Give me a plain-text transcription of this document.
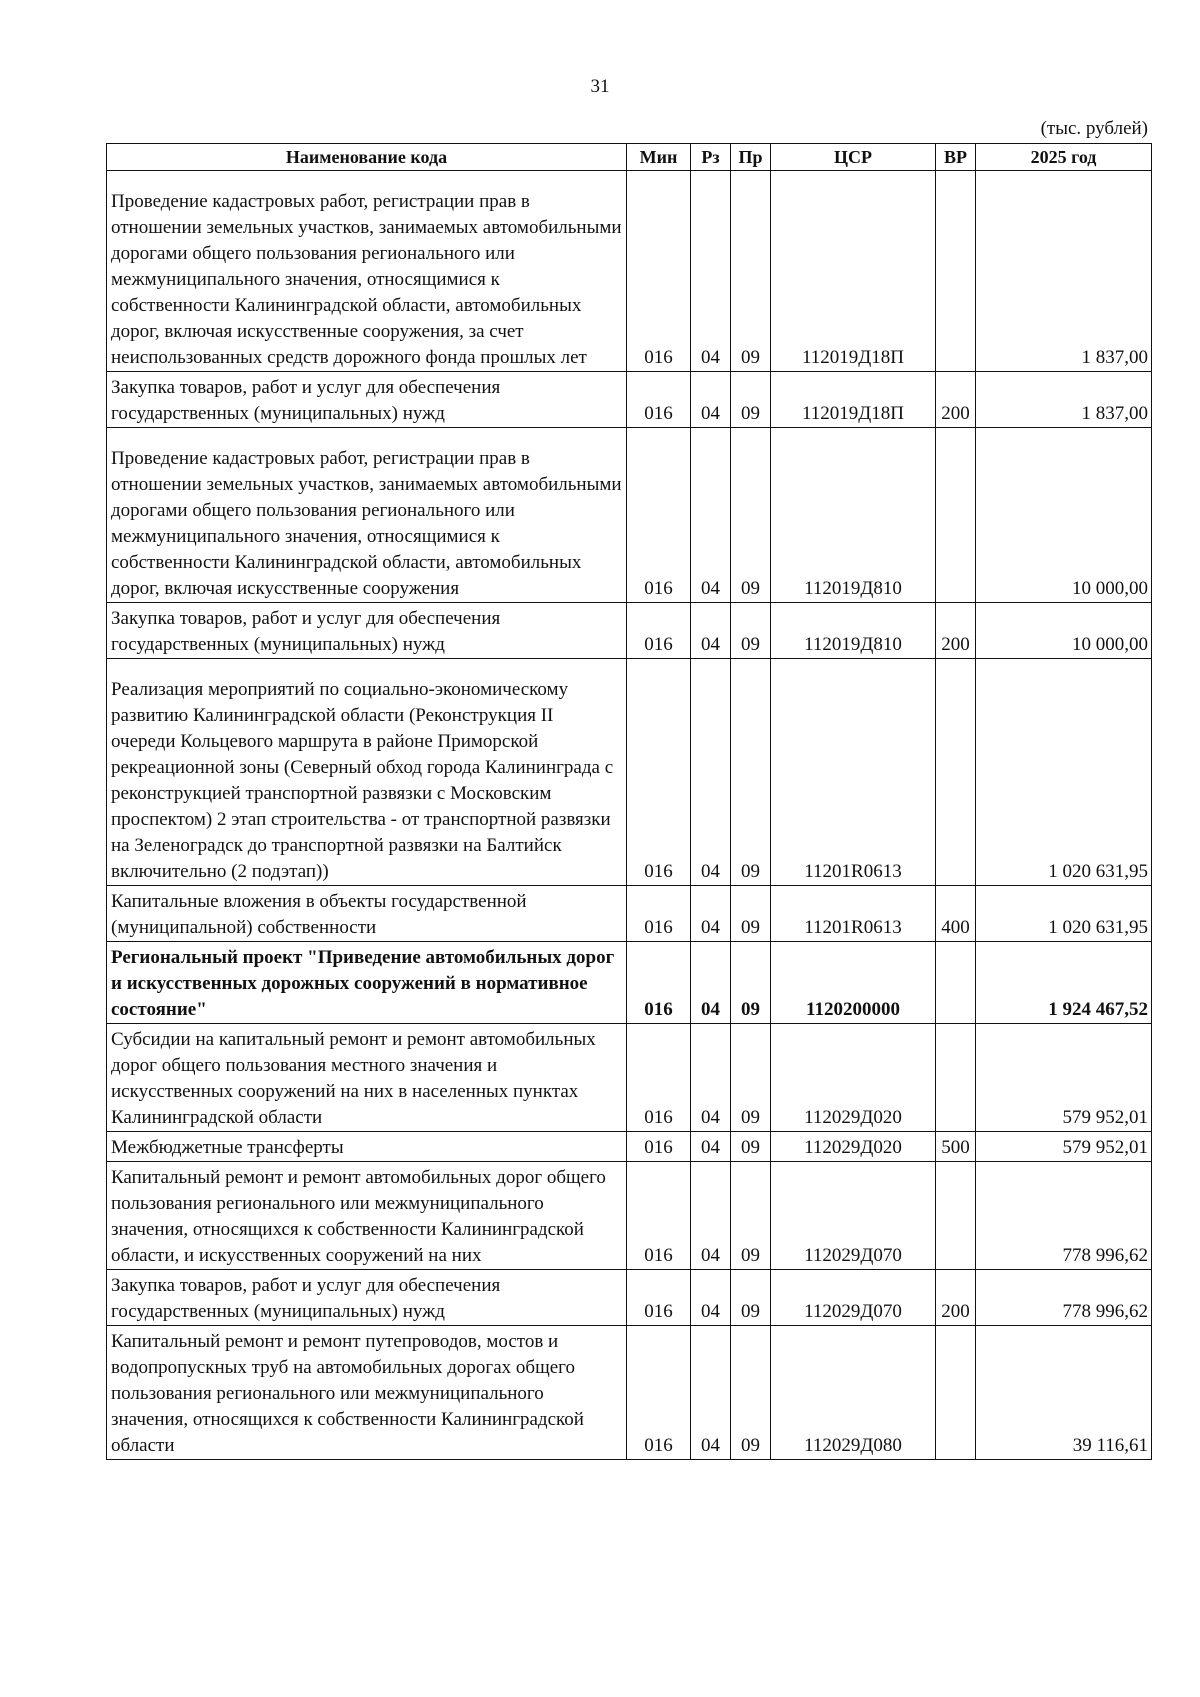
31
(тыс. рублей)
Наименование кода	Мин	Рз	Пр	ЦСР	ВР	2025 год
Проведение кадастровых работ, регистрации прав в отношении земельных участков, занимаемых автомобильными дорогами общего пользования регионального или межмуниципального значения, относящимися к собственности Калининградской области, автомобильных дорог, включая искусственные сооружения, за счет неиспользованных средств дорожного фонда прошлых лет	016	04	09	112019Д18П		1 837,00
Закупка товаров, работ и услуг для обеспечения государственных (муниципальных) нужд	016	04	09	112019Д18П	200	1 837,00
Проведение кадастровых работ, регистрации прав в отношении земельных участков, занимаемых автомобильными дорогами общего пользования регионального или межмуниципального значения, относящимися к собственности Калининградской области, автомобильных дорог, включая искусственные сооружения	016	04	09	112019Д810		10 000,00
Закупка товаров, работ и услуг для обеспечения государственных (муниципальных) нужд	016	04	09	112019Д810	200	10 000,00
Реализация мероприятий по социально-экономическому развитию Калининградской области (Реконструкция II очереди Кольцевого маршрута в районе Приморской рекреационной зоны (Северный обход города Калининграда с реконструкцией транспортной развязки с Московским проспектом) 2 этап строительства - от транспортной развязки на Зеленоградск до транспортной развязки на Балтийск включительно (2 подэтап))	016	04	09	11201R0613		1 020 631,95
Капитальные вложения в объекты государственной (муниципальной) собственности	016	04	09	11201R0613	400	1 020 631,95
Региональный проект "Приведение автомобильных дорог и искусственных дорожных сооружений в нормативное состояние"	016	04	09	1120200000		1 924 467,52
Субсидии на капитальный ремонт и ремонт автомобильных дорог общего пользования местного значения и искусственных сооружений на них в населенных пунктах Калининградской области	016	04	09	112029Д020		579 952,01
Межбюджетные трансферты	016	04	09	112029Д020	500	579 952,01
Капитальный ремонт и ремонт автомобильных дорог общего пользования регионального или межмуниципального значения, относящихся к собственности Калининградской области, и искусственных сооружений на них	016	04	09	112029Д070		778 996,62
Закупка товаров, работ и услуг для обеспечения государственных (муниципальных) нужд	016	04	09	112029Д070	200	778 996,62
Капитальный ремонт и ремонт путепроводов, мостов и водопропускных труб на автомобильных дорогах общего пользования регионального или межмуниципального значения, относящихся к собственности Калининградской области	016	04	09	112029Д080		39 116,61
